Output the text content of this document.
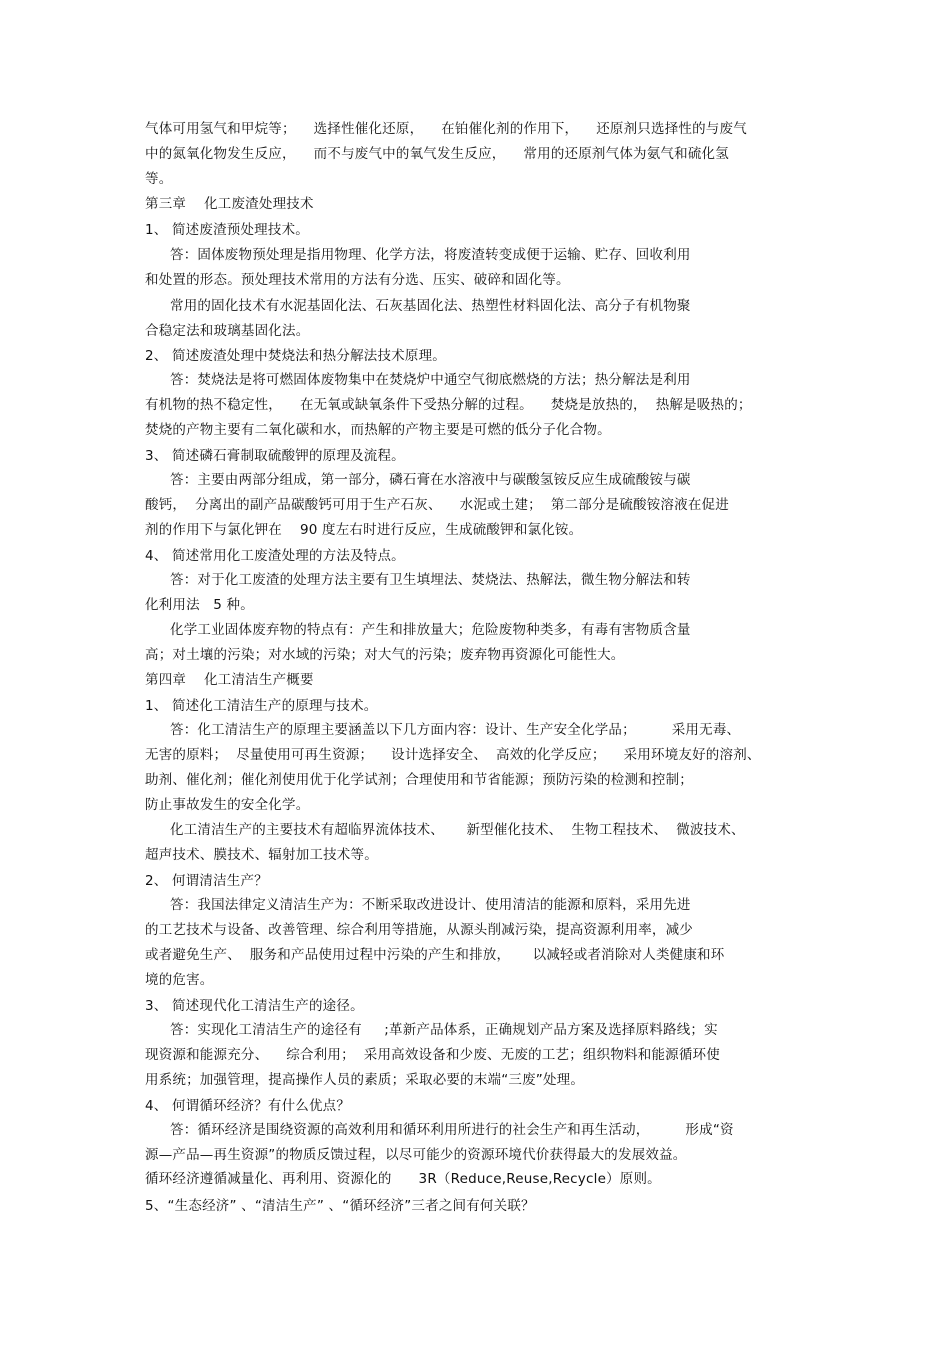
气体可用氢气和甲烷等；    选择性催化还原，    在铂催化剂的作用下，    还原剂只选择性的与废气

中的氮氧化物发生反应，    而不与废气中的氧气发生反应，    常用的还原剂气体为氨气和硫化氢

等。

第三章    化工废渣处理技术

1、 简述废渣预处理技术。

答：固体废物预处理是指用物理、化学方法，将废渣转变成便于运输、贮存、回收利用

和处置的形态。预处理技术常用的方法有分选、压实、破碎和固化等。

常用的固化技术有水泥基固化法、石灰基固化法、热塑性材料固化法、高分子有机物聚

合稳定法和玻璃基固化法。

2、 简述废渣处理中焚烧法和热分解法技术原理。

答：焚烧法是将可燃固体废物集中在焚烧炉中通空气彻底燃烧的方法；热分解法是利用

有机物的热不稳定性，    在无氧或缺氧条件下受热分解的过程。    焚烧是放热的，  热解是吸热的；

焚烧的产物主要有二氧化碳和水，而热解的产物主要是可燃的低分子化合物。

3、 简述磷石膏制取硫酸钾的原理及流程。

答：主要由两部分组成，第一部分，磷石膏在水溶液中与碳酸氢铵反应生成硫酸铵与碳

酸钙，  分离出的副产品碳酸钙可用于生产石灰、    水泥或土建；  第二部分是硫酸铵溶液在促进

剂的作用下与氯化钾在    90 度左右时进行反应，生成硫酸钾和氯化铵。

4、 简述常用化工废渣处理的方法及特点。

答：对于化工废渣的处理方法主要有卫生填埋法、焚烧法、热解法，微生物分解法和转

化利用法   5 种。

化学工业固体废弃物的特点有：产生和排放量大；危险废物种类多，有毒有害物质含量

高；对土壤的污染；对水域的污染；对大气的污染；废弃物再资源化可能性大。

第四章    化工清洁生产概要

1、 简述化工清洁生产的原理与技术。

答：化工清洁生产的原理主要涵盖以下几方面内容：设计、生产安全化学品；        采用无毒、

无害的原料；  尽量使用可再生资源；    设计选择安全、  高效的化学反应；    采用环境友好的溶剂、

助剂、催化剂；催化剂使用优于化学试剂；合理使用和节省能源；预防污染的检测和控制；

防止事故发生的安全化学。

化工清洁生产的主要技术有超临界流体技术、     新型催化技术、  生物工程技术、  微波技术、

超声技术、膜技术、辐射加工技术等。

2、 何谓清洁生产？

答：我国法律定义清洁生产为：不断采取改进设计、使用清洁的能源和原料，采用先进

的工艺技术与设备、改善管理、综合利用等措施，从源头削减污染，提高资源利用率，减少

或者避免生产、  服务和产品使用过程中污染的产生和排放，     以减轻或者消除对人类健康和环

境的危害。

3、 简述现代化工清洁生产的途径。

答：实现化工清洁生产的途径有     ;革新产品体系，正确规划产品方案及选择原料路线；实

现资源和能源充分、    综合利用；  采用高效设备和少废、无废的工艺；组织物料和能源循环使

用系统；加强管理，提高操作人员的素质；采取必要的末端“三废”处理。

4、 何谓循环经济？有什么优点？

答：循环经济是围绕资源的高效利用和循环利用所进行的社会生产和再生活动，        形成“资

源—产品—再生资源”的物质反馈过程，以尽可能少的资源环境代价获得最大的发展效益。

循环经济遵循减量化、再利用、资源化的      3R（Reduce,Reuse,Recycle）原则。

5、“生态经济” 、“清洁生产” 、“循环经济”三者之间有何关联？
